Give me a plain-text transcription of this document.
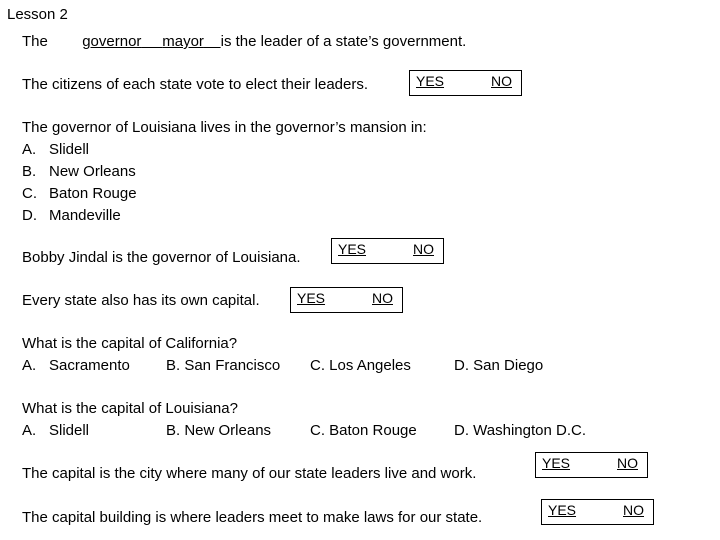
Lesson 2
The governor mayor is the leader of a state’s government.
The citizens of each state vote to elect their leaders.	YES	NO
The governor of Louisiana lives in the governor’s mansion in:
A. Slidell
B. New Orleans
C. Baton Rouge
D. Mandeville
Bobby Jindal is the governor of Louisiana.	YES	NO
Every state also has its own capital.	YES	NO
What is the capital of California?
A. Sacramento B. San Francisco C. Los Angeles	D. San Diego
What is the capital of Louisiana?
A. Slidell	B. New Orleans	C. Baton Rouge D. Washington D.C.
The capital is the city where many of our state leaders live and work.
YES	NO
The capital building is where leaders meet to make laws for our state.	YES	NO
